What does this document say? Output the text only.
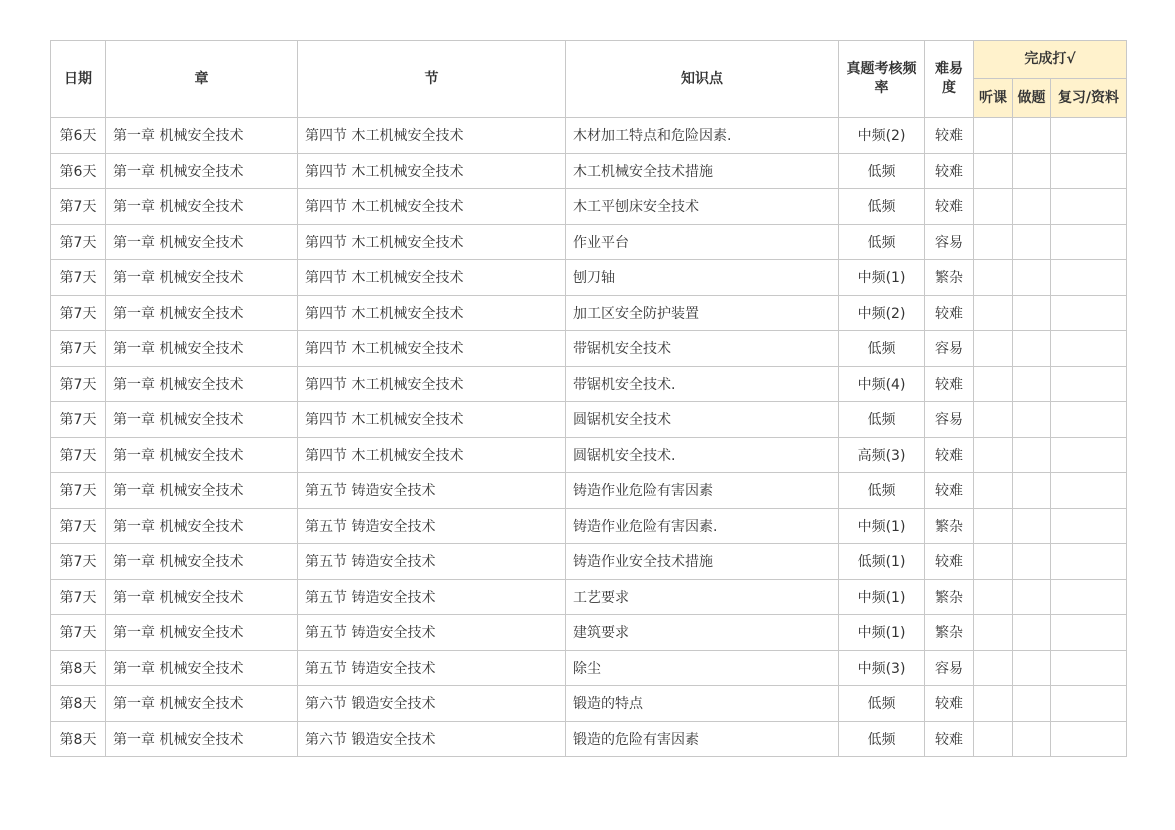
日期	章	节	知识点	真题考核频率	难易度	完成打√		
						听课	做题	复习/资料
第6天	第一章 机械安全技术	第四节 木工机械安全技术	木材加工特点和危险因素.	中频(2)	较难			
第6天	第一章 机械安全技术	第四节 木工机械安全技术	木工机械安全技术措施	低频	较难			
第7天	第一章 机械安全技术	第四节 木工机械安全技术	木工平刨床安全技术	低频	较难			
第7天	第一章 机械安全技术	第四节 木工机械安全技术	作业平台	低频	容易			
第7天	第一章 机械安全技术	第四节 木工机械安全技术	刨刀轴	中频(1)	繁杂			
第7天	第一章 机械安全技术	第四节 木工机械安全技术	加工区安全防护装置	中频(2)	较难			
第7天	第一章 机械安全技术	第四节 木工机械安全技术	带锯机安全技术	低频	容易			
第7天	第一章 机械安全技术	第四节 木工机械安全技术	带锯机安全技术.	中频(4)	较难			
第7天	第一章 机械安全技术	第四节 木工机械安全技术	圆锯机安全技术	低频	容易			
第7天	第一章 机械安全技术	第四节 木工机械安全技术	圆锯机安全技术.	高频(3)	较难			
第7天	第一章 机械安全技术	第五节 铸造安全技术	铸造作业危险有害因素	低频	较难			
第7天	第一章 机械安全技术	第五节 铸造安全技术	铸造作业危险有害因素.	中频(1)	繁杂			
第7天	第一章 机械安全技术	第五节 铸造安全技术	铸造作业安全技术措施	低频(1)	较难			
第7天	第一章 机械安全技术	第五节 铸造安全技术	工艺要求	中频(1)	繁杂			
第7天	第一章 机械安全技术	第五节 铸造安全技术	建筑要求	中频(1)	繁杂			
第8天	第一章 机械安全技术	第五节 铸造安全技术	除尘	中频(3)	容易			
第8天	第一章 机械安全技术	第六节 锻造安全技术	锻造的特点	低频	较难			
第8天	第一章 机械安全技术	第六节 锻造安全技术	锻造的危险有害因素	低频	较难			
